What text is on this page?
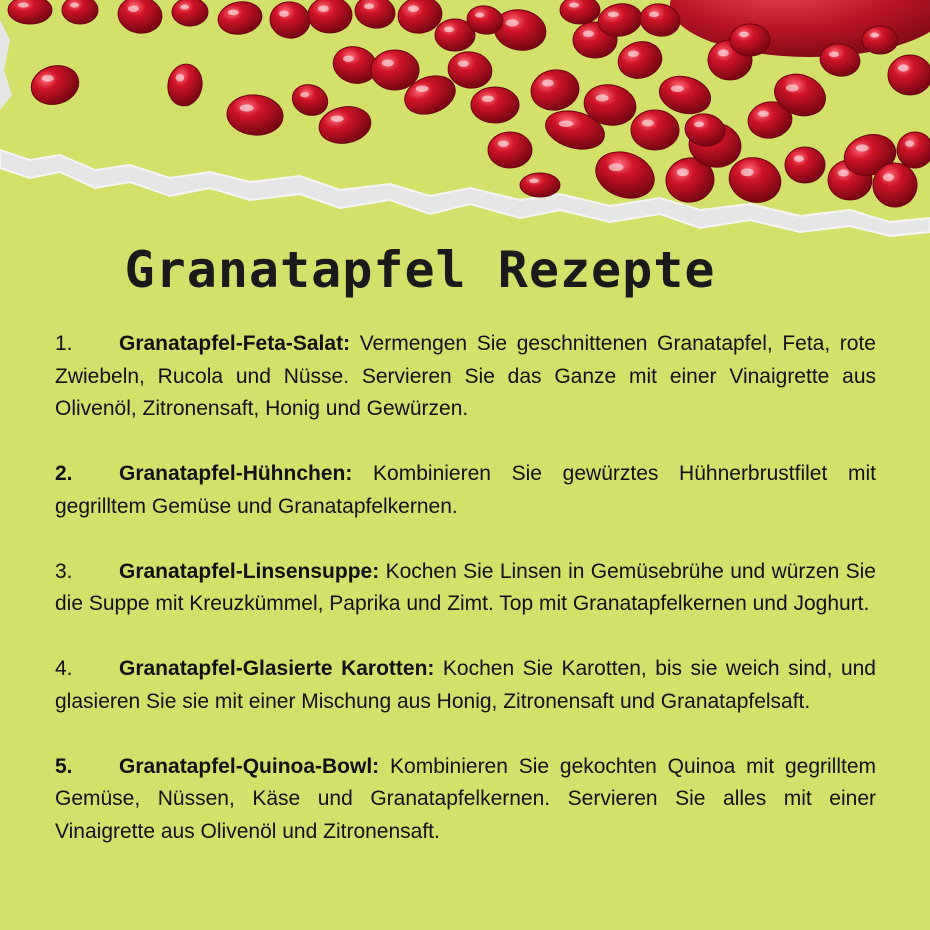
Granatapfel Rezepte
1. Granatapfel-Feta-Salat: Vermengen Sie geschnittenen Granatapfel, Feta, rote Zwiebeln, Rucola und Nüsse. Servieren Sie das Ganze mit einer Vinaigrette aus Olivenöl, Zitronensaft, Honig und Gewürzen.
2. Granatapfel-Hühnchen: Kombinieren Sie gewürztes Hühnerbrustfilet mit gegrilltem Gemüse und Granatapfelkernen.
3. Granatapfel-Linsensuppe: Kochen Sie Linsen in Gemüsebrühe und würzen Sie die Suppe mit Kreuzkümmel, Paprika und Zimt. Top mit Granatapfelkernen und Joghurt.
4. Granatapfel-Glasierte Karotten: Kochen Sie Karotten, bis sie weich sind, und glasieren Sie sie mit einer Mischung aus Honig, Zitronensaft und Granatapfelsaft.
5. Granatapfel-Quinoa-Bowl: Kombinieren Sie gekochten Quinoa mit gegrilltem Gemüse, Nüssen, Käse und Granatapfelkernen. Servieren Sie alles mit einer Vinaigrette aus Olivenöl und Zitronensaft.
